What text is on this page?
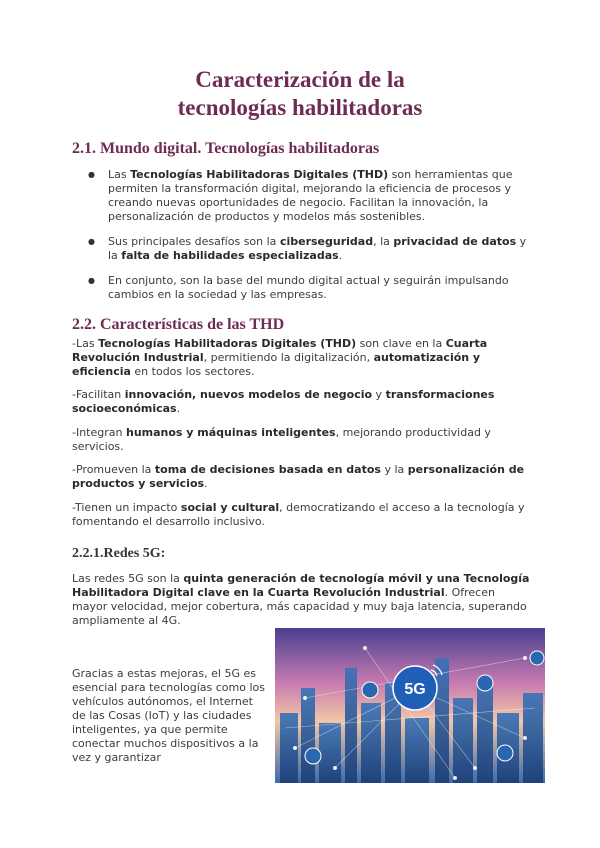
Caracterización de la
tecnologías habilitadoras
2.1. Mundo digital. Tecnologías habilitadoras
● Las Tecnologías Habilitadoras Digitales (THD) son herramientas que permiten la transformación digital, mejorando la eficiencia de procesos y creando nuevas oportunidades de negocio. Facilitan la innovación, la personalización de productos y modelos más sostenibles.
● Sus principales desafíos son la ciberseguridad, la privacidad de datos y la falta de habilidades especializadas.
● En conjunto, son la base del mundo digital actual y seguirán impulsando cambios en la sociedad y las empresas.
2.2. Características de las THD
-Las Tecnologías Habilitadoras Digitales (THD) son clave en la Cuarta Revolución Industrial, permitiendo la digitalización, automatización y eficiencia en todos los sectores.
-Facilitan innovación, nuevos modelos de negocio y transformaciones socioeconómicas.
-Integran humanos y máquinas inteligentes, mejorando productividad y servicios.
-Promueven la toma de decisiones basada en datos y la personalización de productos y servicios.
-Tienen un impacto social y cultural, democratizando el acceso a la tecnología y fomentando el desarrollo inclusivo.
2.2.1.Redes 5G:
Las redes 5G son la quinta generación de tecnología móvil y una Tecnología Habilitadora Digital clave en la Cuarta Revolución Industrial. Ofrecen mayor velocidad, mejor cobertura, más capacidad y muy baja latencia, superando ampliamente al 4G.
Gracias a estas mejoras, el 5G es esencial para tecnologías como los vehículos autónomos, el Internet de las Cosas (IoT) y las ciudades inteligentes, ya que permite conectar muchos dispositivos a la vez y garantizar
5G
